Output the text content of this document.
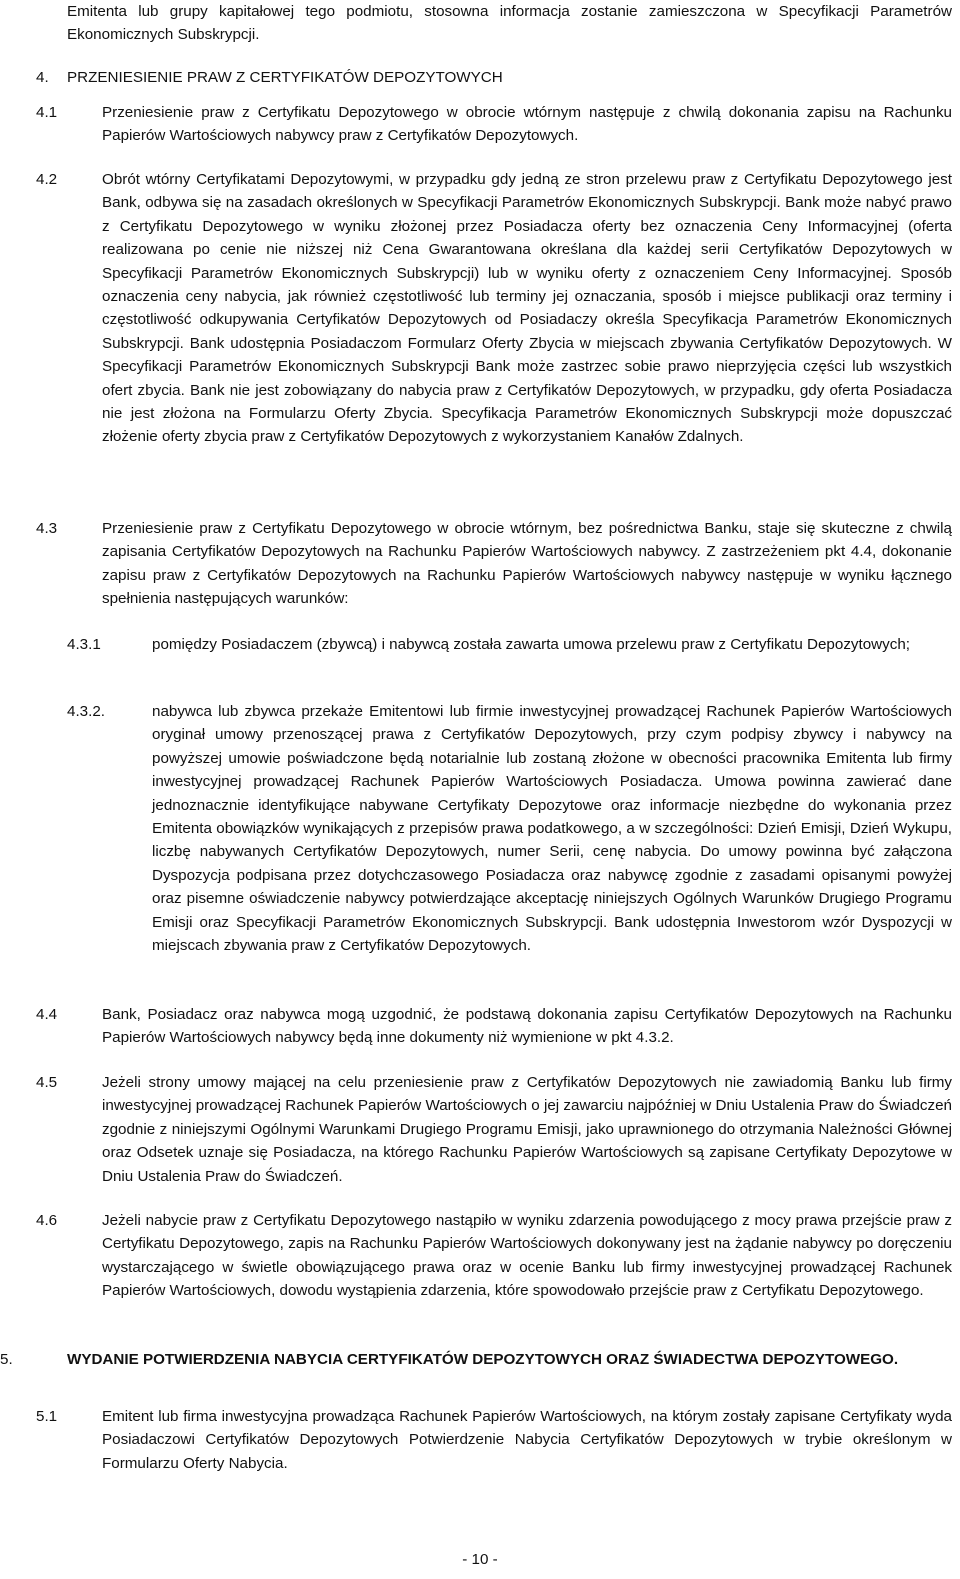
Emitenta lub grupy kapitałowej tego podmiotu, stosowna informacja zostanie zamieszczona w Specyfikacji Parametrów Ekonomicznych Subskrypcji.

4. PRZENIESIENIE PRAW Z CERTYFIKATÓW DEPOZYTOWYCH
4.1	Przeniesienie praw z Certyfikatu Depozytowego w obrocie wtórnym następuje z chwilą dokonania zapisu na Rachunku Papierów Wartościowych nabywcy praw z Certyfikatów Depozytowych.
4.2	Obrót wtórny Certyfikatami Depozytowymi, w przypadku gdy jedną ze stron przelewu praw z Certyfikatu Depozytowego jest Bank, odbywa się na zasadach określonych w Specyfikacji Parametrów Ekonomicznych Subskrypcji. Bank może nabyć prawo z Certyfikatu Depozytowego w wyniku złożonej przez Posiadacza oferty bez oznaczenia Ceny Informacyjnej (oferta realizowana po cenie nie niższej niż Cena Gwarantowana określana dla każdej serii Certyfikatów Depozytowych w Specyfikacji Parametrów Ekonomicznych Subskrypcji) lub w wyniku oferty z oznaczeniem Ceny Informacyjnej. Sposób oznaczenia ceny nabycia, jak również częstotliwość lub terminy jej oznaczania, sposób i miejsce publikacji oraz terminy i częstotliwość odkupywania Certyfikatów Depozytowych od Posiadaczy określa Specyfikacja Parametrów Ekonomicznych Subskrypcji. Bank udostępnia Posiadaczom Formularz Oferty Zbycia w miejscach zbywania Certyfikatów Depozytowych. W Specyfikacji Parametrów Ekonomicznych Subskrypcji Bank może zastrzec sobie prawo nieprzyjęcia części lub wszystkich ofert zbycia. Bank nie jest zobowiązany do nabycia praw z Certyfikatów Depozytowych, w przypadku, gdy oferta Posiadacza nie jest złożona na Formularzu Oferty Zbycia. Specyfikacja Parametrów Ekonomicznych Subskrypcji może dopuszczać złożenie oferty zbycia praw z Certyfikatów Depozytowych z wykorzystaniem Kanałów Zdalnych.
4.3	Przeniesienie praw z Certyfikatu Depozytowego w obrocie wtórnym, bez pośrednictwa Banku, staje się skuteczne z chwilą zapisania Certyfikatów Depozytowych na Rachunku Papierów Wartościowych nabywcy. Z zastrzeżeniem pkt 4.4, dokonanie zapisu praw z Certyfikatów Depozytowych na Rachunku Papierów Wartościowych nabywcy następuje w wyniku łącznego spełnienia następujących warunków:
4.3.1	pomiędzy Posiadaczem (zbywcą) i nabywcą została zawarta umowa przelewu praw z Certyfikatu Depozytowych;
4.3.2.	nabywca lub zbywca przekaże Emitentowi lub firmie inwestycyjnej prowadzącej Rachunek Papierów Wartościowych oryginał umowy przenoszącej prawa z Certyfikatów Depozytowych, przy czym podpisy zbywcy i nabywcy na powyższej umowie poświadczone będą notarialnie lub zostaną złożone w obecności pracownika Emitenta lub firmy inwestycyjnej prowadzącej Rachunek Papierów Wartościowych Posiadacza. Umowa powinna zawierać dane jednoznacznie identyfikujące nabywane Certyfikaty Depozytowe oraz informacje niezbędne do wykonania przez Emitenta obowiązków wynikających z przepisów prawa podatkowego, a w szczególności: Dzień Emisji, Dzień Wykupu, liczbę nabywanych Certyfikatów Depozytowych, numer Serii, cenę nabycia. Do umowy powinna być załączona Dyspozycja podpisana przez dotychczasowego Posiadacza oraz nabywcę zgodnie z zasadami opisanymi powyżej oraz pisemne oświadczenie nabywcy potwierdzające akceptację niniejszych Ogólnych Warunków Drugiego Programu Emisji oraz Specyfikacji Parametrów Ekonomicznych Subskrypcji. Bank udostępnia Inwestorom wzór Dyspozycji w miejscach zbywania praw z Certyfikatów Depozytowych.
4.4	Bank, Posiadacz oraz nabywca mogą uzgodnić, że podstawą dokonania zapisu Certyfikatów Depozytowych na Rachunku Papierów Wartościowych nabywcy będą inne dokumenty niż wymienione w pkt 4.3.2.
4.5	Jeżeli strony umowy mającej na celu przeniesienie praw z Certyfikatów Depozytowych nie zawiadomią Banku lub firmy inwestycyjnej prowadzącej Rachunek Papierów Wartościowych o jej zawarciu najpóźniej w Dniu Ustalenia Praw do Świadczeń zgodnie z niniejszymi Ogólnymi Warunkami Drugiego Programu Emisji, jako uprawnionego do otrzymania Należności Głównej oraz Odsetek uznaje się Posiadacza, na którego Rachunku Papierów Wartościowych są zapisane Certyfikaty Depozytowe w Dniu Ustalenia Praw do Świadczeń.
4.6	Jeżeli nabycie praw z Certyfikatu Depozytowego nastąpiło w wyniku zdarzenia powodującego z mocy prawa przejście praw z Certyfikatu Depozytowego, zapis na Rachunku Papierów Wartościowych dokonywany jest na żądanie nabywcy po doręczeniu wystarczającego w świetle obowiązującego prawa oraz w ocenie Banku lub firmy inwestycyjnej prowadzącej Rachunek Papierów Wartościowych, dowodu wystąpienia zdarzenia, które spowodowało przejście praw z Certyfikatu Depozytowego.
5.	WYDANIE POTWIERDZENIA NABYCIA CERTYFIKATÓW DEPOZYTOWYCH ORAZ ŚWIADECTWA DEPOZYTOWEGO.
5.1	Emitent lub firma inwestycyjna prowadząca Rachunek Papierów Wartościowych, na którym zostały zapisane Certyfikaty wyda Posiadaczowi Certyfikatów Depozytowych Potwierdzenie Nabycia Certyfikatów Depozytowych w trybie określonym w Formularzu Oferty Nabycia.
- 10 -
